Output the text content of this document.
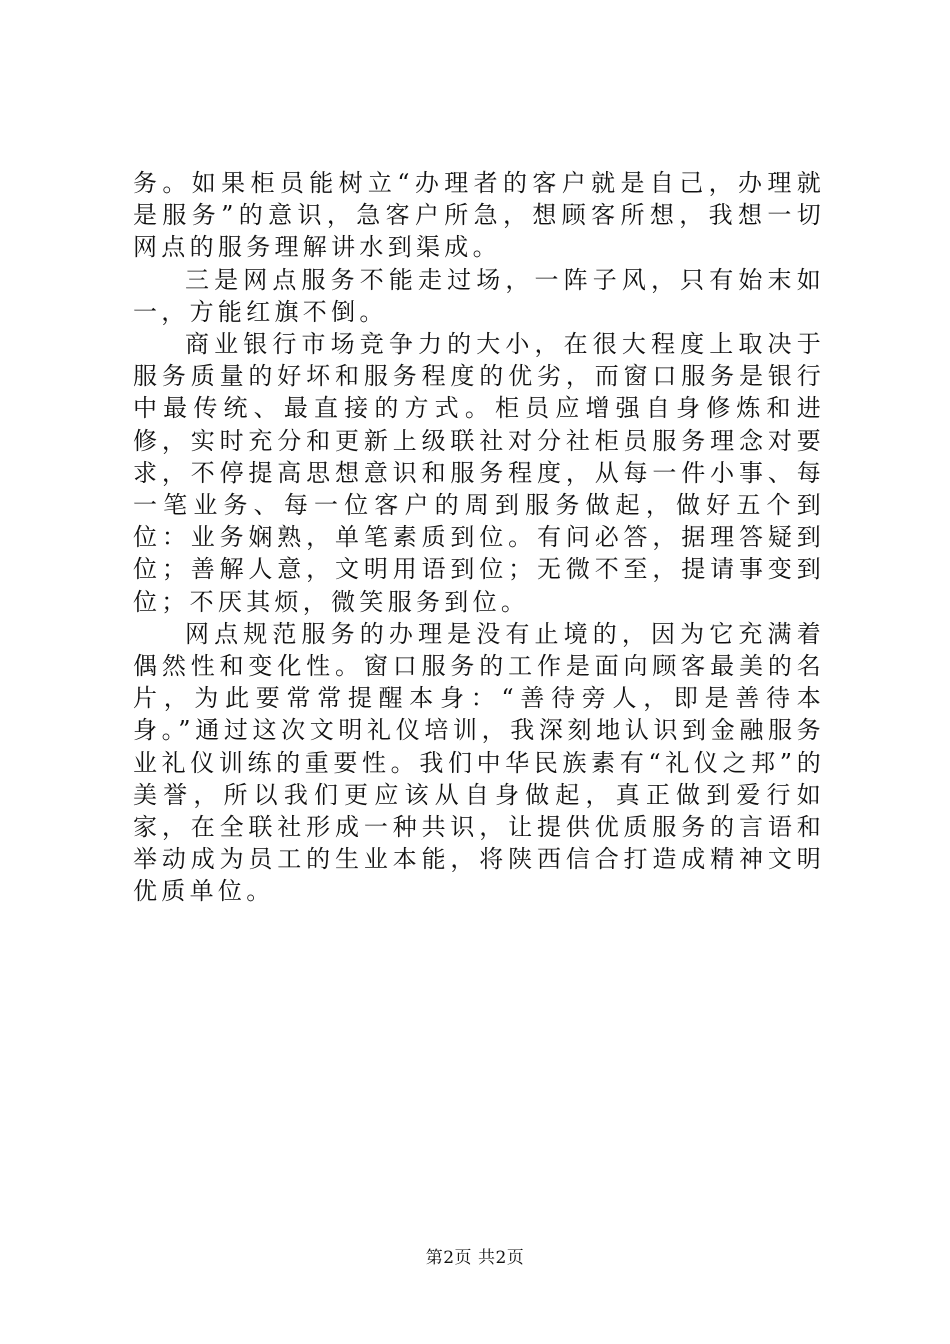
务。如果柜员能树立“办理者的客户就是自己，办理就是服务”的意识，急客户所急，想顾客所想，我想一切网点的服务理解讲水到渠成。

三是网点服务不能走过场，一阵子风，只有始末如一，方能红旗不倒。

商业银行市场竞争力的大小，在很大程度上取决于服务质量的好坏和服务程度的优劣，而窗口服务是银行中最传统、最直接的方式。柜员应增强自身修炼和进修，实时充分和更新上级联社对分社柜员服务理念对要求，不停提高思想意识和服务程度，从每一件小事、每一笔业务、每一位客户的周到服务做起，做好五个到位：业务娴熟，单笔素质到位。有问必答，据理答疑到位；善解人意，文明用语到位；无微不至，提请事变到位；不厌其烦，微笑服务到位。

网点规范服务的办理是没有止境的，因为它充满着偶然性和变化性。窗口服务的工作是面向顾客最美的名片，为此要常常提醒本身：“善待旁人，即是善待本身。”通过这次文明礼仪培训，我深刻地认识到金融服务业礼仪训练的重要性。我们中华民族素有“礼仪之邦”的美誉，所以我们更应该从自身做起，真正做到爱行如家，在全联社形成一种共识，让提供优质服务的言语和举动成为员工的生业本能，将陕西信合打造成精神文明优质单位。

第2页 共2页
